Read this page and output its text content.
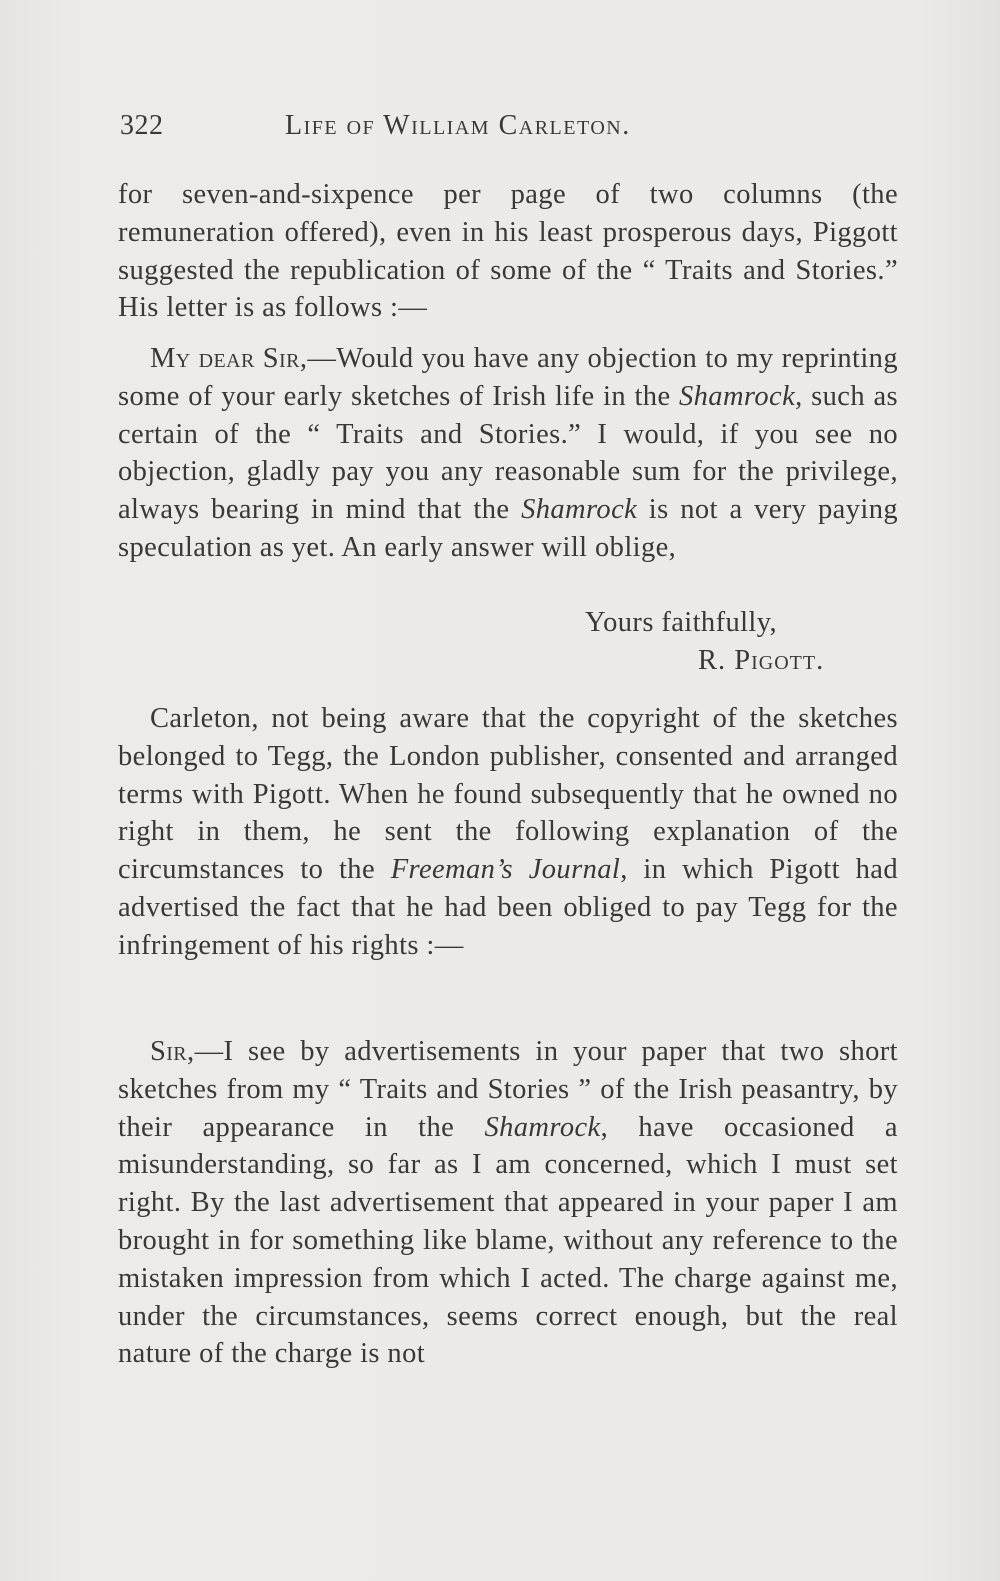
322	Life of William Carleton.

for seven-and-sixpence per page of two columns (the remuneration offered), even in his least prosperous days, Piggott suggested the republication of some of the “ Traits and Stories.” His letter is as follows :—

My dear Sir,—Would you have any objection to my reprinting some of your early sketches of Irish life in the Shamrock, such as certain of the “ Traits and Stories.” I would, if you see no objection, gladly pay you any reasonable sum for the privilege, always bearing in mind that the Shamrock is not a very paying speculation as yet. An early answer will oblige,

Yours faithfully,
R. Pigott.

Carleton, not being aware that the copyright of the sketches belonged to Tegg, the London publisher, consented and arranged terms with Pigott. When he found subsequently that he owned no right in them, he sent the following explanation of the circumstances to the Freeman’s Journal, in which Pigott had advertised the fact that he had been obliged to pay Tegg for the infringement of his rights :—

Sir,—I see by advertisements in your paper that two short sketches from my “ Traits and Stories ” of the Irish peasantry, by their appearance in the Shamrock, have occasioned a misunderstanding, so far as I am concerned, which I must set right. By the last advertisement that appeared in your paper I am brought in for something like blame, without any reference to the mistaken impression from which I acted. The charge against me, under the circumstances, seems correct enough, but the real nature of the charge is not
